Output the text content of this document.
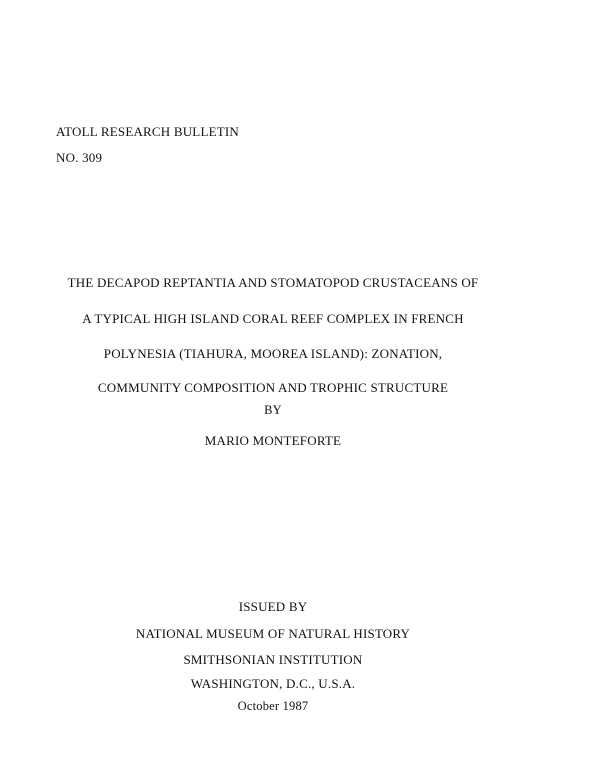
ATOLL RESEARCH BULLETIN
NO. 309
THE DECAPOD REPTANTIA AND STOMATOPOD CRUSTACEANS OF
A TYPICAL HIGH ISLAND CORAL REEF COMPLEX IN FRENCH
POLYNESIA (TIAHURA, MOOREA ISLAND): ZONATION,
COMMUNITY COMPOSITION AND TROPHIC STRUCTURE
BY
MARIO MONTEFORTE
ISSUED BY
NATIONAL MUSEUM OF NATURAL HISTORY
SMITHSONIAN INSTITUTION
WASHINGTON, D.C., U.S.A.
October 1987
